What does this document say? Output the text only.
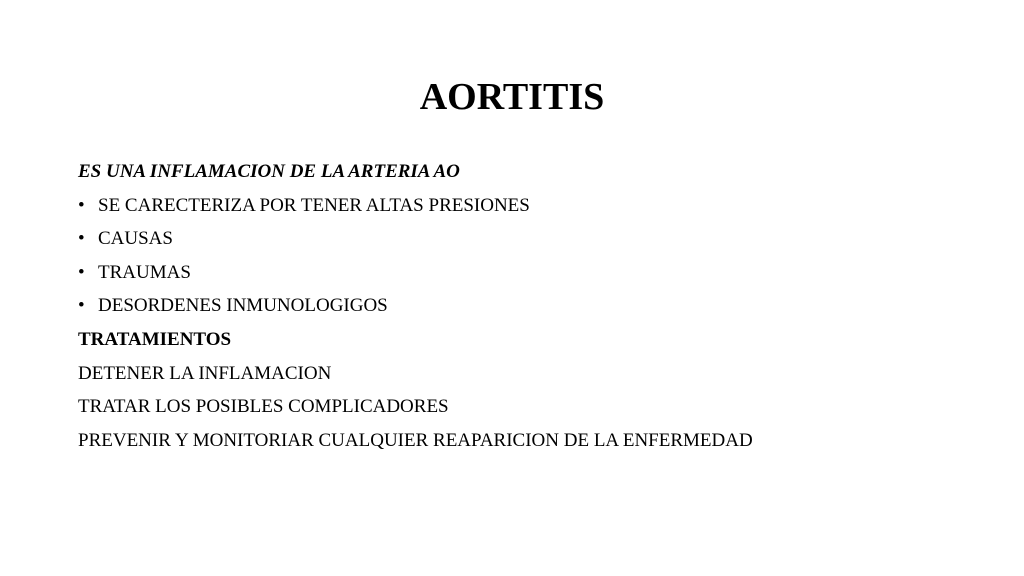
AORTITIS
ES UNA INFLAMACION DE LA ARTERIA AO
• SE CARECTERIZA POR TENER ALTAS PRESIONES
• CAUSAS
• TRAUMAS
• DESORDENES INMUNOLOGIGOS
TRATAMIENTOS
DETENER LA INFLAMACION
TRATAR LOS POSIBLES COMPLICADORES
PREVENIR Y MONITORIAR CUALQUIER REAPARICION DE LA ENFERMEDAD
